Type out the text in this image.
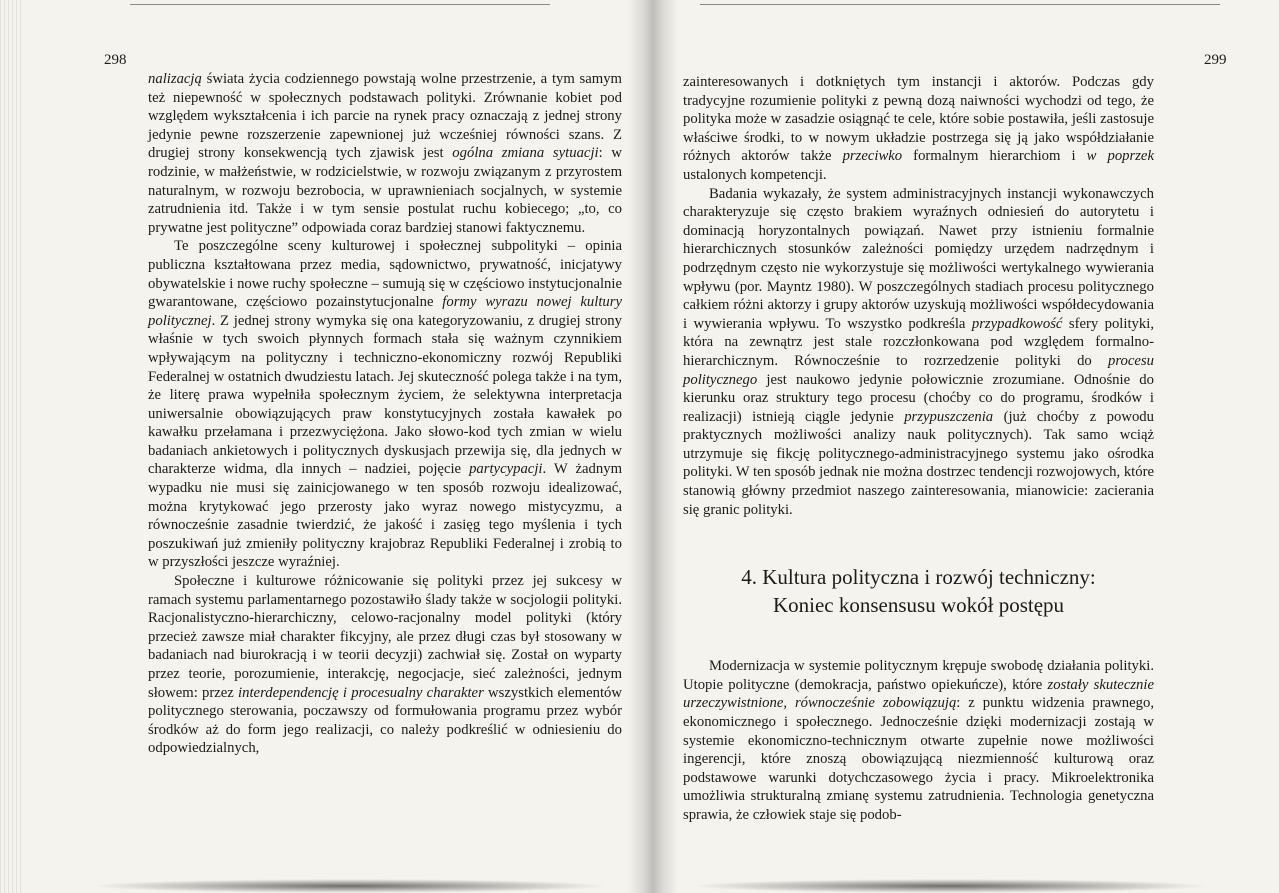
298	299

nalizacją świata życia codziennego powstają wolne przestrzenie, a tym samym też niepewność w społecznych podstawach polityki. Zrównanie kobiet pod względem wykształcenia i ich parcie na rynek pracy oznaczają z jednej strony jedynie pewne rozszerzenie zapewnionej już wcześniej równości szans. Z drugiej strony konsekwencją tych zjawisk jest ogólna zmiana sytuacji: w rodzinie, w małżeństwie, w rodzicielstwie, w rozwoju związanym z przyrostem naturalnym, w rozwoju bezrobocia, w uprawnieniach socjalnych, w systemie zatrudnienia itd. Także i w tym sensie postulat ruchu kobiecego; „to, co prywatne jest polityczne” odpowiada coraz bardziej stanowi faktycznemu.

Te poszczególne sceny kulturowej i społecznej subpolityki – opinia publiczna kształtowana przez media, sądownictwo, prywatność, inicjatywy obywatelskie i nowe ruchy społeczne – sumują się w częściowo instytucjonalnie gwarantowane, częściowo pozainstytucjonalne formy wyrazu nowej kultury politycznej. Z jednej strony wymyka się ona kategoryzowaniu, z drugiej strony właśnie w tych swoich płynnych formach stała się ważnym czynnikiem wpływającym na polityczny i techniczno-ekonomiczny rozwój Republiki Federalnej w ostatnich dwudziestu latach. Jej skuteczność polega także i na tym, że literę prawa wypełniła społecznym życiem, że selektywna interpretacja uniwersalnie obowiązujących praw konstytucyjnych została kawałek po kawałku przełamana i przezwyciężona. Jako słowo-kod tych zmian w wielu badaniach ankietowych i politycznych dyskusjach przewija się, dla jednych w charakterze widma, dla innych – nadziei, pojęcie partycypacji. W żadnym wypadku nie musi się zainicjowanego w ten sposób rozwoju idealizować, można krytykować jego przerosty jako wyraz nowego mistycyzmu, a równocześnie zasadnie twierdzić, że jakość i zasięg tego myślenia i tych poszukiwań już zmieniły polityczny krajobraz Republiki Federalnej i zrobią to w przyszłości jeszcze wyraźniej.

Społeczne i kulturowe różnicowanie się polityki przez jej sukcesy w ramach systemu parlamentarnego pozostawiło ślady także w socjologii polityki. Racjonalistyczno-hierarchiczny, celowo-racjonalny model polityki (który przecież zawsze miał charakter fikcyjny, ale przez długi czas był stosowany w badaniach nad biurokracją i w teorii decyzji) zachwiał się. Został on wyparty przez teorie, porozumienie, interakcję, negocjacje, sieć zależności, jednym słowem: przez interdependencję i procesualny charakter wszystkich elementów politycznego sterowania, poczawszy od formułowania programu przez wybór środków aż do form jego realizacji, co należy podkreślić w odniesieniu do odpowiedzialnych,

zainteresowanych i dotkniętych tym instancji i aktorów. Podczas gdy tradycyjne rozumienie polityki z pewną dozą naiwności wychodzi od tego, że polityka może w zasadzie osiągnąć te cele, które sobie postawiła, jeśli zastosuje właściwe środki, to w nowym układzie postrzega się ją jako współdziałanie różnych aktorów także przeciwko formalnym hierarchiom i w poprzek ustalonych kompetencji.

Badania wykazały, że system administracyjnych instancji wykonawczych charakteryzuje się często brakiem wyraźnych odniesień do autorytetu i dominacją horyzontalnych powiązań. Nawet przy istnieniu formalnie hierarchicznych stosunków zależności pomiędzy urzędem nadrzędnym i podrzędnym często nie wykorzystuje się możliwości wertykalnego wywierania wpływu (por. Mayntz 1980). W poszczególnych stadiach procesu politycznego całkiem różni aktorzy i grupy aktorów uzyskują możliwości współdecydowania i wywierania wpływu. To wszystko podkreśla przypadkowość sfery polityki, która na zewnątrz jest stale rozczłonkowana pod względem formalno-hierarchicznym. Równocześnie to rozrzedzenie polityki do procesu politycznego jest naukowo jedynie połowicznie zrozumiane. Odnośnie do kierunku oraz struktury tego procesu (choćby co do programu, środków i realizacji) istnieją ciągle jedynie przypuszczenia (już choćby z powodu praktycznych możliwości analizy nauk politycznych). Tak samo wciąż utrzymuje się fikcję politycznego-administracyjnego systemu jako ośrodka polityki. W ten sposób jednak nie można dostrzec tendencji rozwojowych, które stanowią główny przedmiot naszego zainteresowania, mianowicie: zacierania się granic polityki.

4. Kultura polityczna i rozwój techniczny:
Koniec konsensusu wokół postępu

Modernizacja w systemie politycznym krępuje swobodę działania polityki. Utopie polityczne (demokracja, państwo opiekuńcze), które zostały skutecznie urzeczywistnione, równocześnie zobowiązują: z punktu widzenia prawnego, ekonomicznego i społecznego. Jednocześnie dzięki modernizacji zostają w systemie ekonomiczno-technicznym otwarte zupełnie nowe możliwości ingerencji, które znoszą obowiązującą niezmienność kulturową oraz podstawowe warunki dotychczasowego życia i pracy. Mikroelektronika umożliwia strukturalną zmianę systemu zatrudnienia. Technologia genetyczna sprawia, że człowiek staje się podob-
